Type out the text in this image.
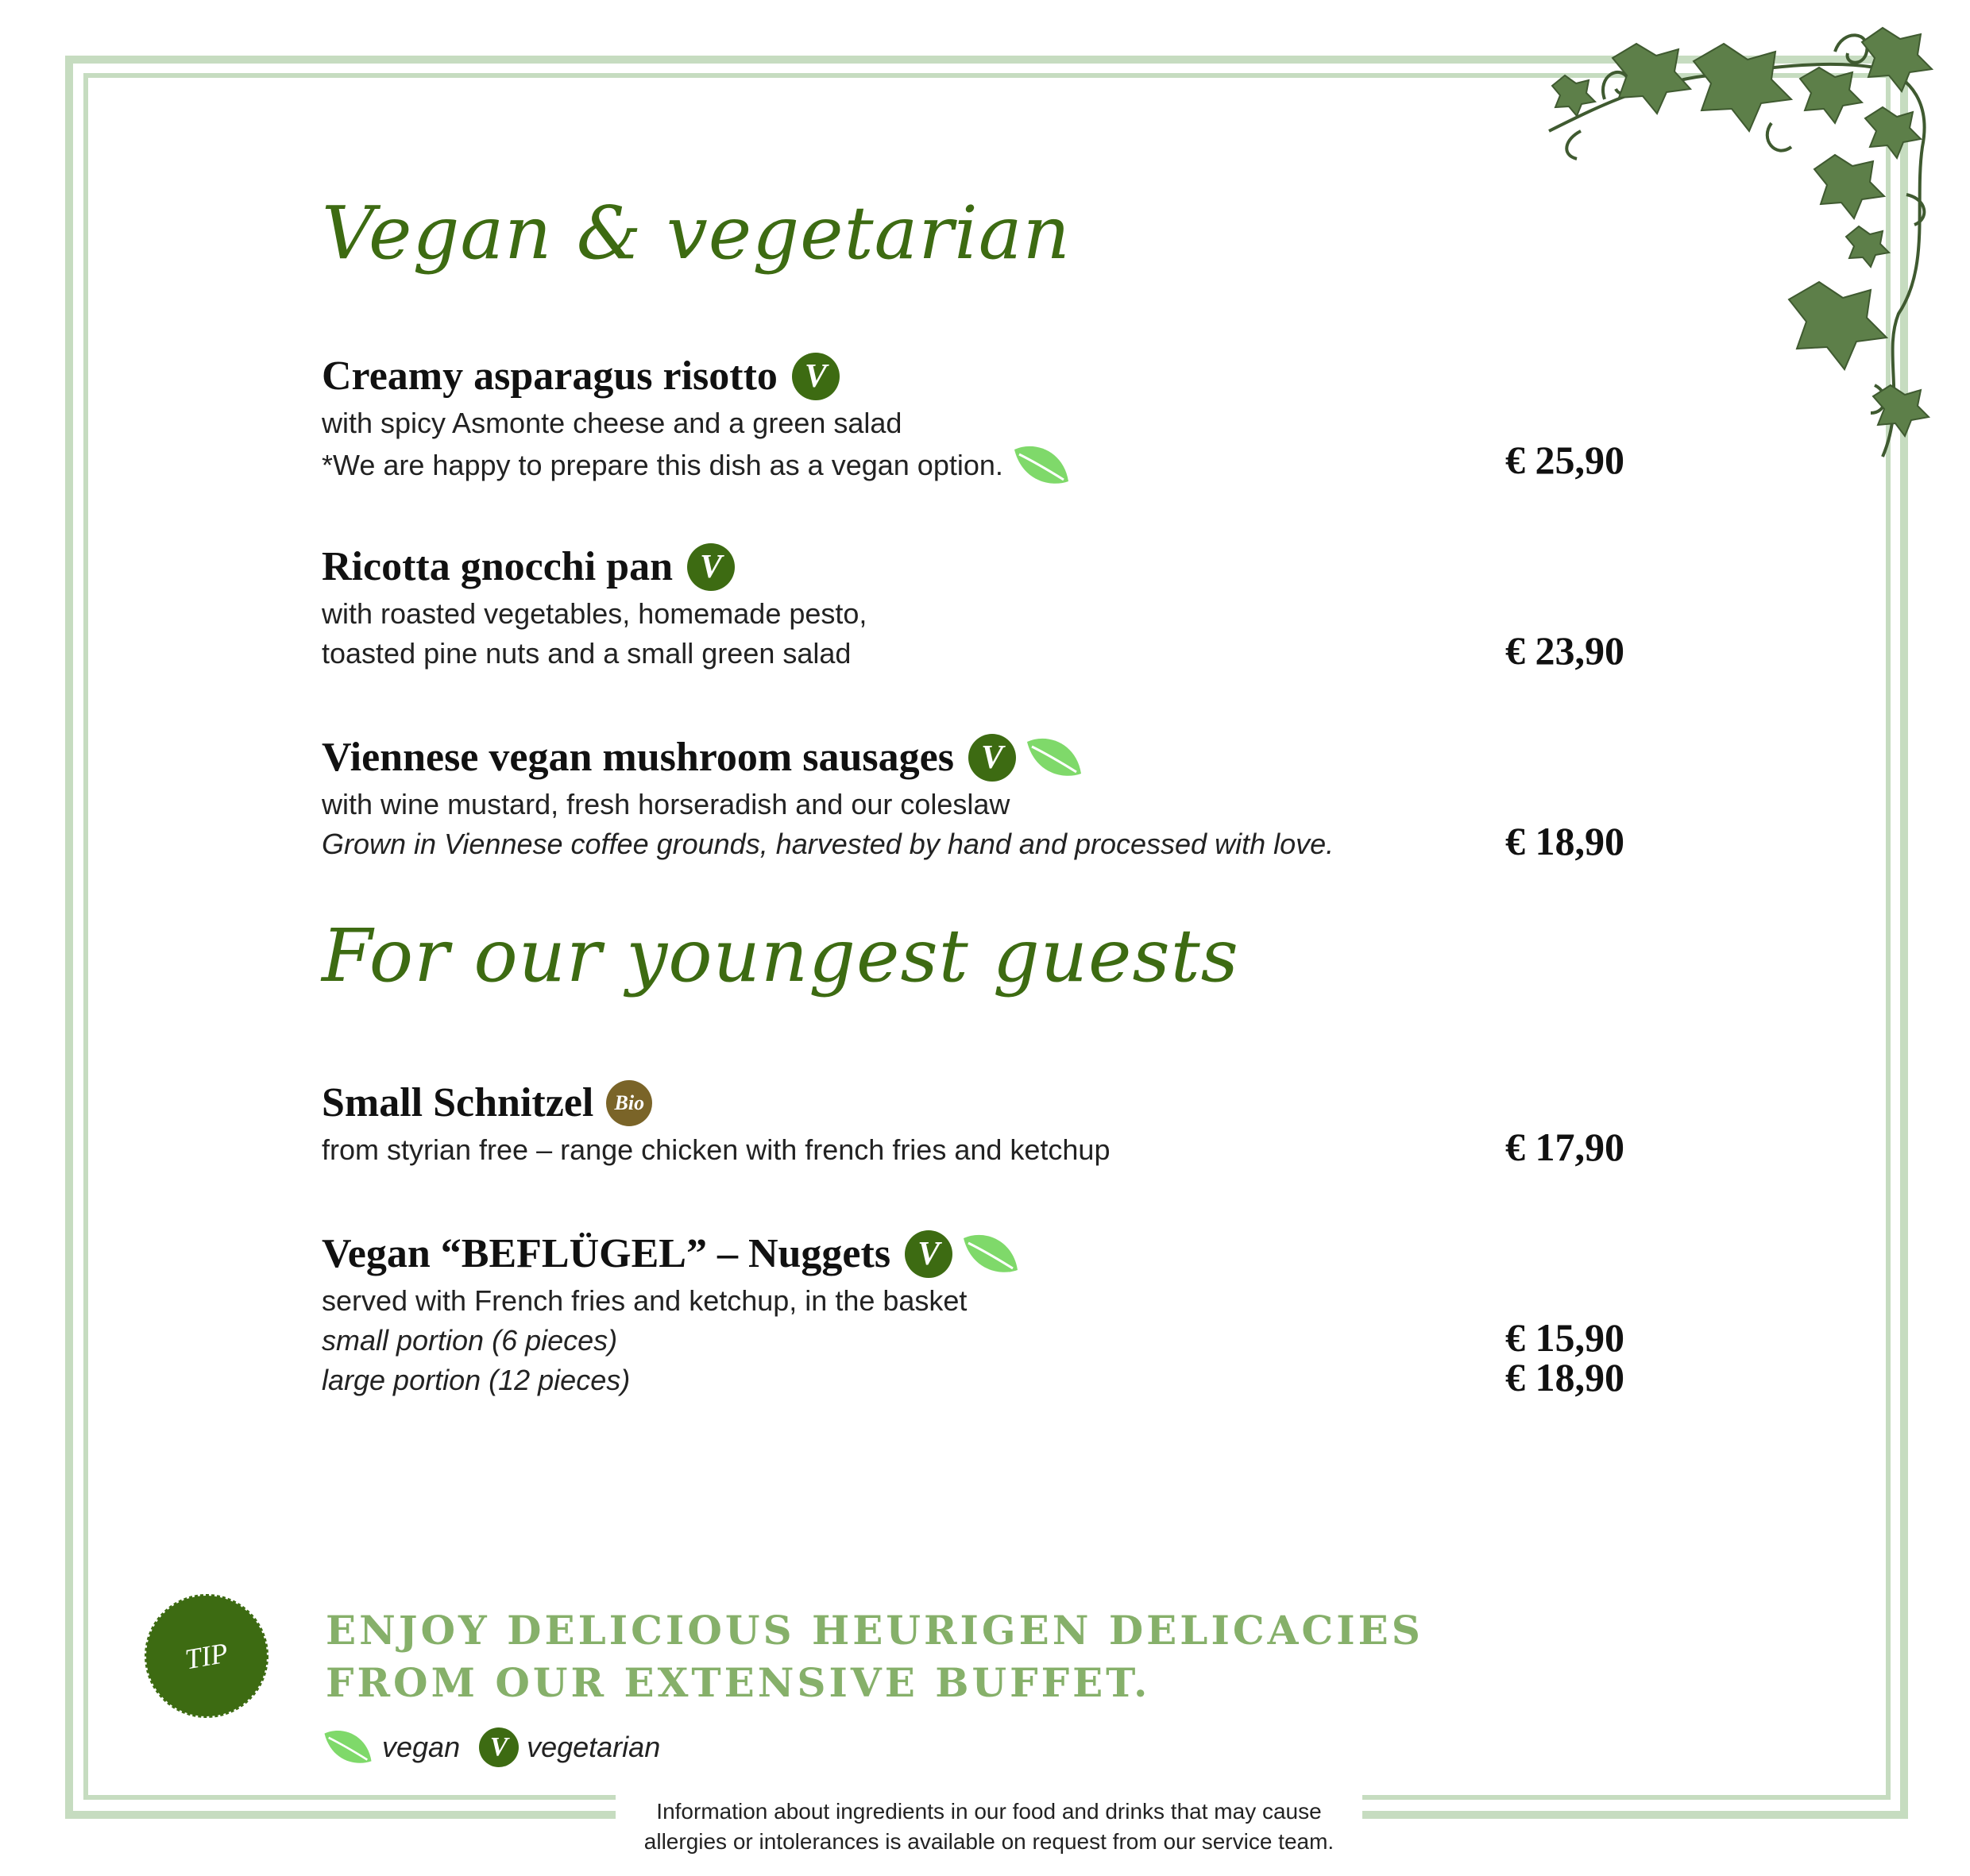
Vegan & vegetarian
Creamy asparagus risotto V
with spicy Asmonte cheese and a green salad
*We are happy to prepare this dish as a vegan option.	€ 25,90
Ricotta gnocchi pan V
with roasted vegetables, homemade pesto,
toasted pine nuts and a small green salad	€ 23,90
Viennese vegan mushroom sausages V
with wine mustard, fresh horseradish and our coleslaw
Grown in Viennese coffee grounds, harvested by hand and processed with love.	€ 18,90
For our youngest guests
Small Schnitzel	Bio
from styrian free – range chicken with french fries and ketchup	€ 17,90
Vegan “BEFLÜGEL” – Nuggets V
served with French fries and ketchup, in the basket
small portion (6 pieces)
large portion (12 pieces)
€ 15,90
€ 18,90
TIP
ENJOY DELICIOUS HEURIGEN DELICACIES
FROM OUR EXTENSIVE BUFFET.
vegan	V vegetarian
Information about ingredients in our food and drinks that may cause
allergies or intolerances is available on request from our service team.
